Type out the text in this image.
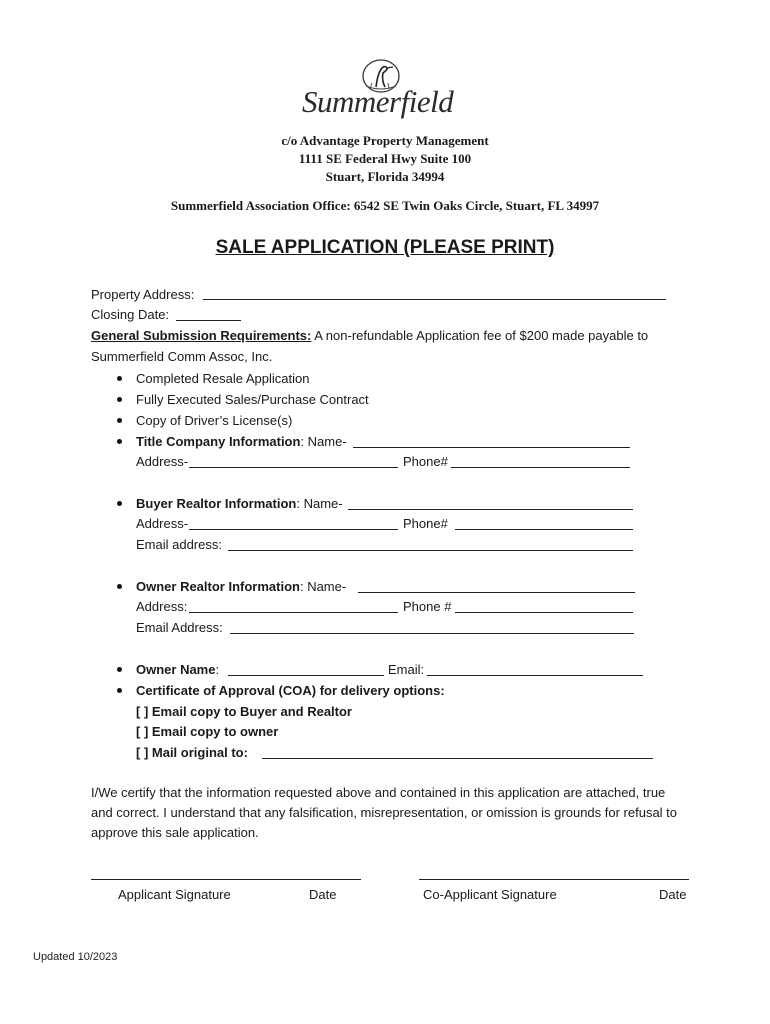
Summerfield
c/o Advantage Property Management
1111 SE Federal Hwy Suite 100
Stuart, Florida 34994
Summerfield Association Office: 6542 SE Twin Oaks Circle, Stuart, FL 34997
SALE APPLICATION (PLEASE PRINT)
Property Address:
Closing Date:
General Submission Requirements: A non-refundable Application fee of $200 made payable to
Summerfield Comm Assoc, Inc.
Completed Resale Application
Fully Executed Sales/Purchase Contract
Copy of Driver’s License(s)
Title Company Information: Name-
Address-	Phone#
Buyer Realtor Information: Name-
Address-	Phone#
Email address:
Owner Realtor Information: Name-
Address:	Phone #
Email Address:
Owner Name:	Email:
Certificate of Approval (COA) for delivery options:
[ ] Email copy to Buyer and Realtor
[ ] Email copy to owner
[ ] Mail original to:
I/We certify that the information requested above and contained in this application are attached, true
and correct. I understand that any falsification, misrepresentation, or omission is grounds for refusal to
approve this sale application.
Applicant Signature	Date	Co-Applicant Signature	Date
Updated 10/2023
